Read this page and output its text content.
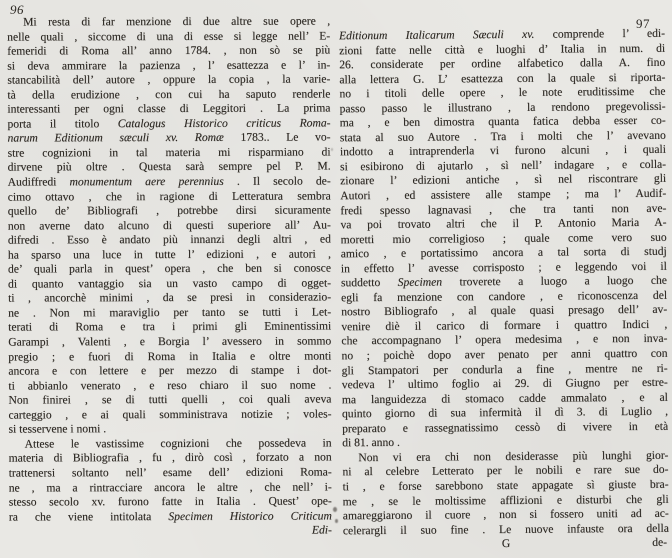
96
97
Mi resta di far menzione di due altre sue opere ,
nelle quali , siccome di una di esse si legge nell’ E-
femeridi di Roma all’ anno 1784. , non sò se più
si deva ammirare la pazienza , l’ esattezza e l’ in-
stancabilità dell’ autore , oppure la copia , la varie-
tà della erudizione , con cui ha saputo renderle
interessanti per ogni classe di Leggitori . La prima
porta il titolo Catalogus Historico criticus Roma-
narum Editionum sæculi xv. Romæ 1783.. Le vo-
stre cognizioni in tal materia mi risparmiano di
dirvene più oltre . Questa sarà sempre pel P. M.
Audiffredi monumentum aere perennius . Il secolo de-
cimo ottavo , che in ragione di Letteratura sembra
quello de’ Bibliografi , potrebbe dirsi sicuramente
non averne dato alcuno di questi superiore all’ Au-
difredi . Esso è andato più innanzi degli altri , ed
ha sparso una luce in tutte l’ edizioni , e autori ,
de’ quali parla in quest’ opera , che ben si conosce
di quanto vantaggio sia un vasto campo di ogget-
ti , ancorchè minimi , da se presi in considerazio-
ne . Non mi maraviglio per tanto se tutti i Let-
terati di Roma e tra i primi gli Eminentissimi
Garampi , Valenti , e Borgia l’ avessero in sommo
pregio ; e fuori di Roma in Italia e oltre monti
ancora e con lettere e per mezzo di stampe i dot-
ti abbianlo venerato , e reso chiaro il suo nome .
Non finirei , se di tutti quelli , coi quali aveva
carteggio , e ai quali somministrava notizie ; voles-
si tesservene i nomi .
Attese le vastissime cognizioni che possedeva in
materia di Bibliografia , fu , dirò così , forzato a non
trattenersi soltanto nell’ esame dell’ edizioni Roma-
ne , ma a rintracciare ancora le altre , che nell’ i-
stesso secolo xv. furono fatte in Italia . Quest’ ope-
ra che viene intitolata Specimen Historico Criticum
Edi-
Editionum Italicarum Sæculi xv. comprende l’ edi-
zioni fatte nelle città e luoghi d’ Italia in num. di
26. considerate per ordine alfabetico dalla A. fino
alla lettera G. L’ esattezza con la quale si riporta-
no i titoli delle opere , le note eruditissime che
passo passo le illustrano , la rendono pregevolissi-
ma , e ben dimostra quanta fatica debba esser co-
stata al suo Autore . Tra i molti che l’ avevano
indotto a intraprenderla vi furono alcuni , i quali
si esibirono di ajutarlo , sì nell’ indagare , e colla-
zionare l’ edizioni antiche , sì nel riscontrare gli
Autori , ed assistere alle stampe ; ma l’ Audif-
fredi spesso lagnavasi , che tra tanti non ave-
va poi trovato altri che il P. Antonio Maria A-
moretti mio correligioso ; quale come vero suo
amico , e portatissimo ancora a tal sorta di studj
in effetto l’ avesse corrisposto ; e leggendo voi il
suddetto Specimen troverete a luogo a luogo che
egli fa menzione con candore , e riconoscenza del
nostro Bibliografo , al quale quasi presago dell’ av-
venire diè il carico di formare i quattro Indici ,
che accompagnano l’ opera medesima , e non inva-
no ; poichè dopo aver penato per anni quattro con
gli Stampatori per condurla a fine , mentre ne ri-
vedeva l’ ultimo foglio ai 29. di Giugno per estre-
ma languidezza di stomaco cadde ammalato , e al
quinto giorno di sua infermità il dì 3. di Luglio ,
preparato e rassegnatissimo cessò di vivere in età
di 81. anno .
Non vi era chi non desiderasse più lunghi gior-
ni al celebre Letterato per le nobili e rare sue do-
ti , e forse sarebbono state appagate sì giuste bra-
me , se le moltissime afflizioni e disturbi che gli
amareggiarono il cuore , non si fossero uniti ad ac-
celerargli il suo fine . Le nuove infauste ora della
G	de-
